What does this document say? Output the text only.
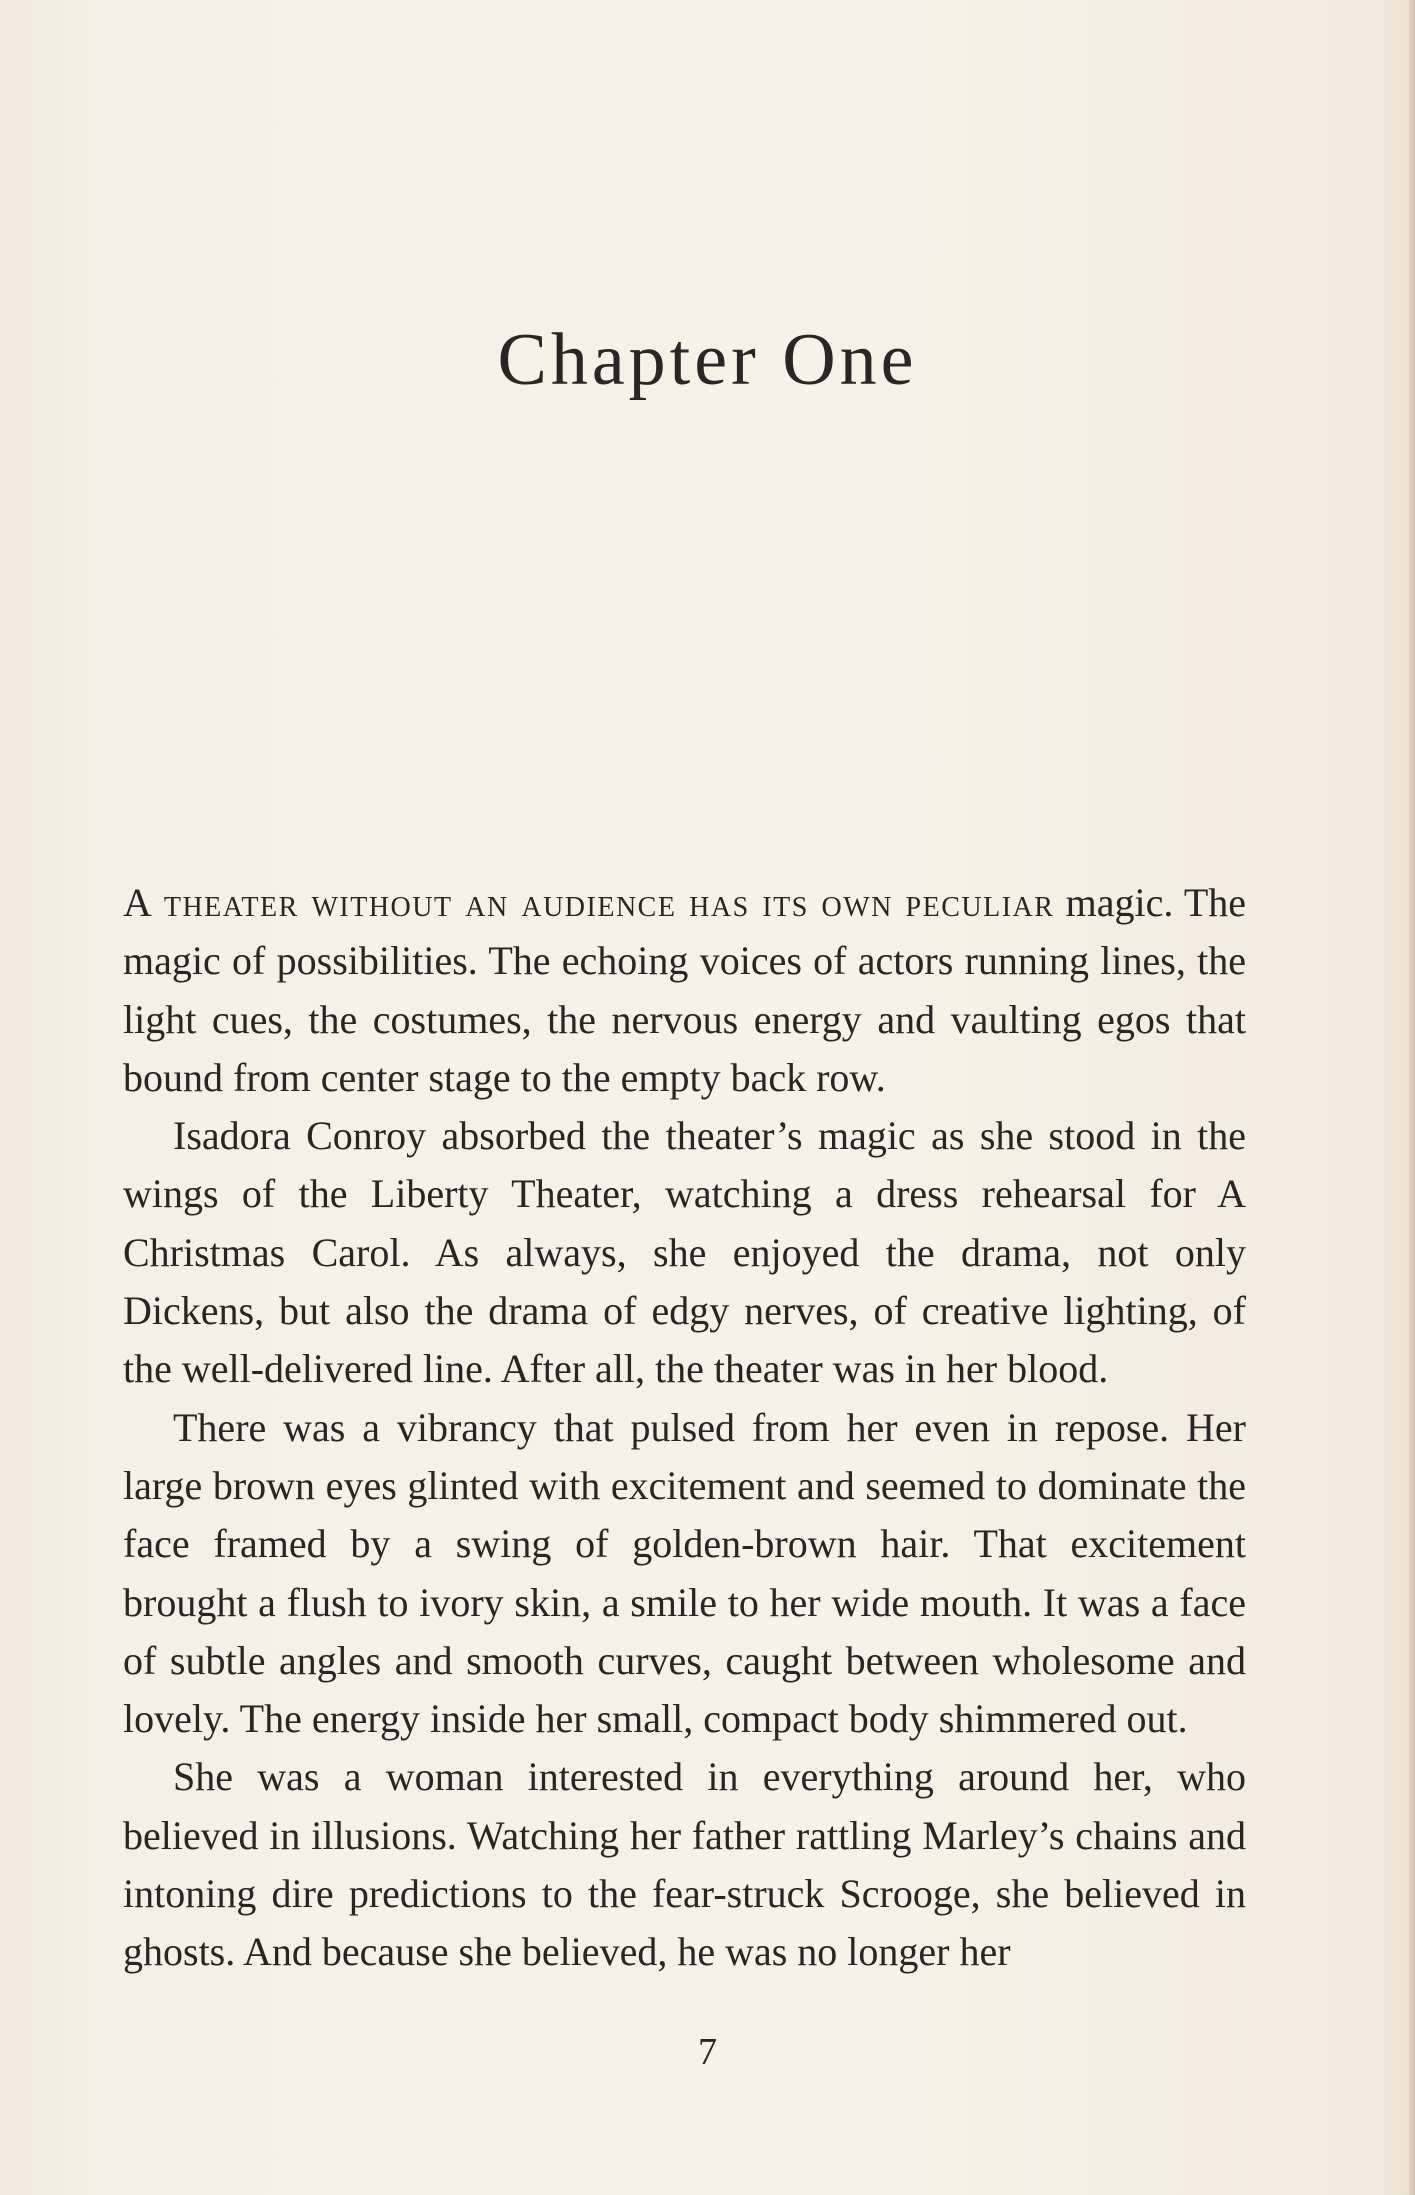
Chapter One

A theater without an audience has its own peculiar magic. The magic of possibilities. The echoing voices of actors running lines, the light cues, the costumes, the nervous energy and vaulting egos that bound from center stage to the empty back row.

Isadora Conroy absorbed the theater’s magic as she stood in the wings of the Liberty Theater, watching a dress rehearsal for A Christmas Carol. As always, she enjoyed the drama, not only Dickens, but also the drama of edgy nerves, of creative lighting, of the well-delivered line. After all, the theater was in her blood.

There was a vibrancy that pulsed from her even in repose. Her large brown eyes glinted with excitement and seemed to dominate the face framed by a swing of golden-brown hair. That excitement brought a flush to ivory skin, a smile to her wide mouth. It was a face of subtle angles and smooth curves, caught between wholesome and lovely. The energy inside her small, compact body shimmered out.

She was a woman interested in everything around her, who believed in illusions. Watching her father rattling Marley’s chains and intoning dire predictions to the fear-struck Scrooge, she believed in ghosts. And because she believed, he was no longer her

7
